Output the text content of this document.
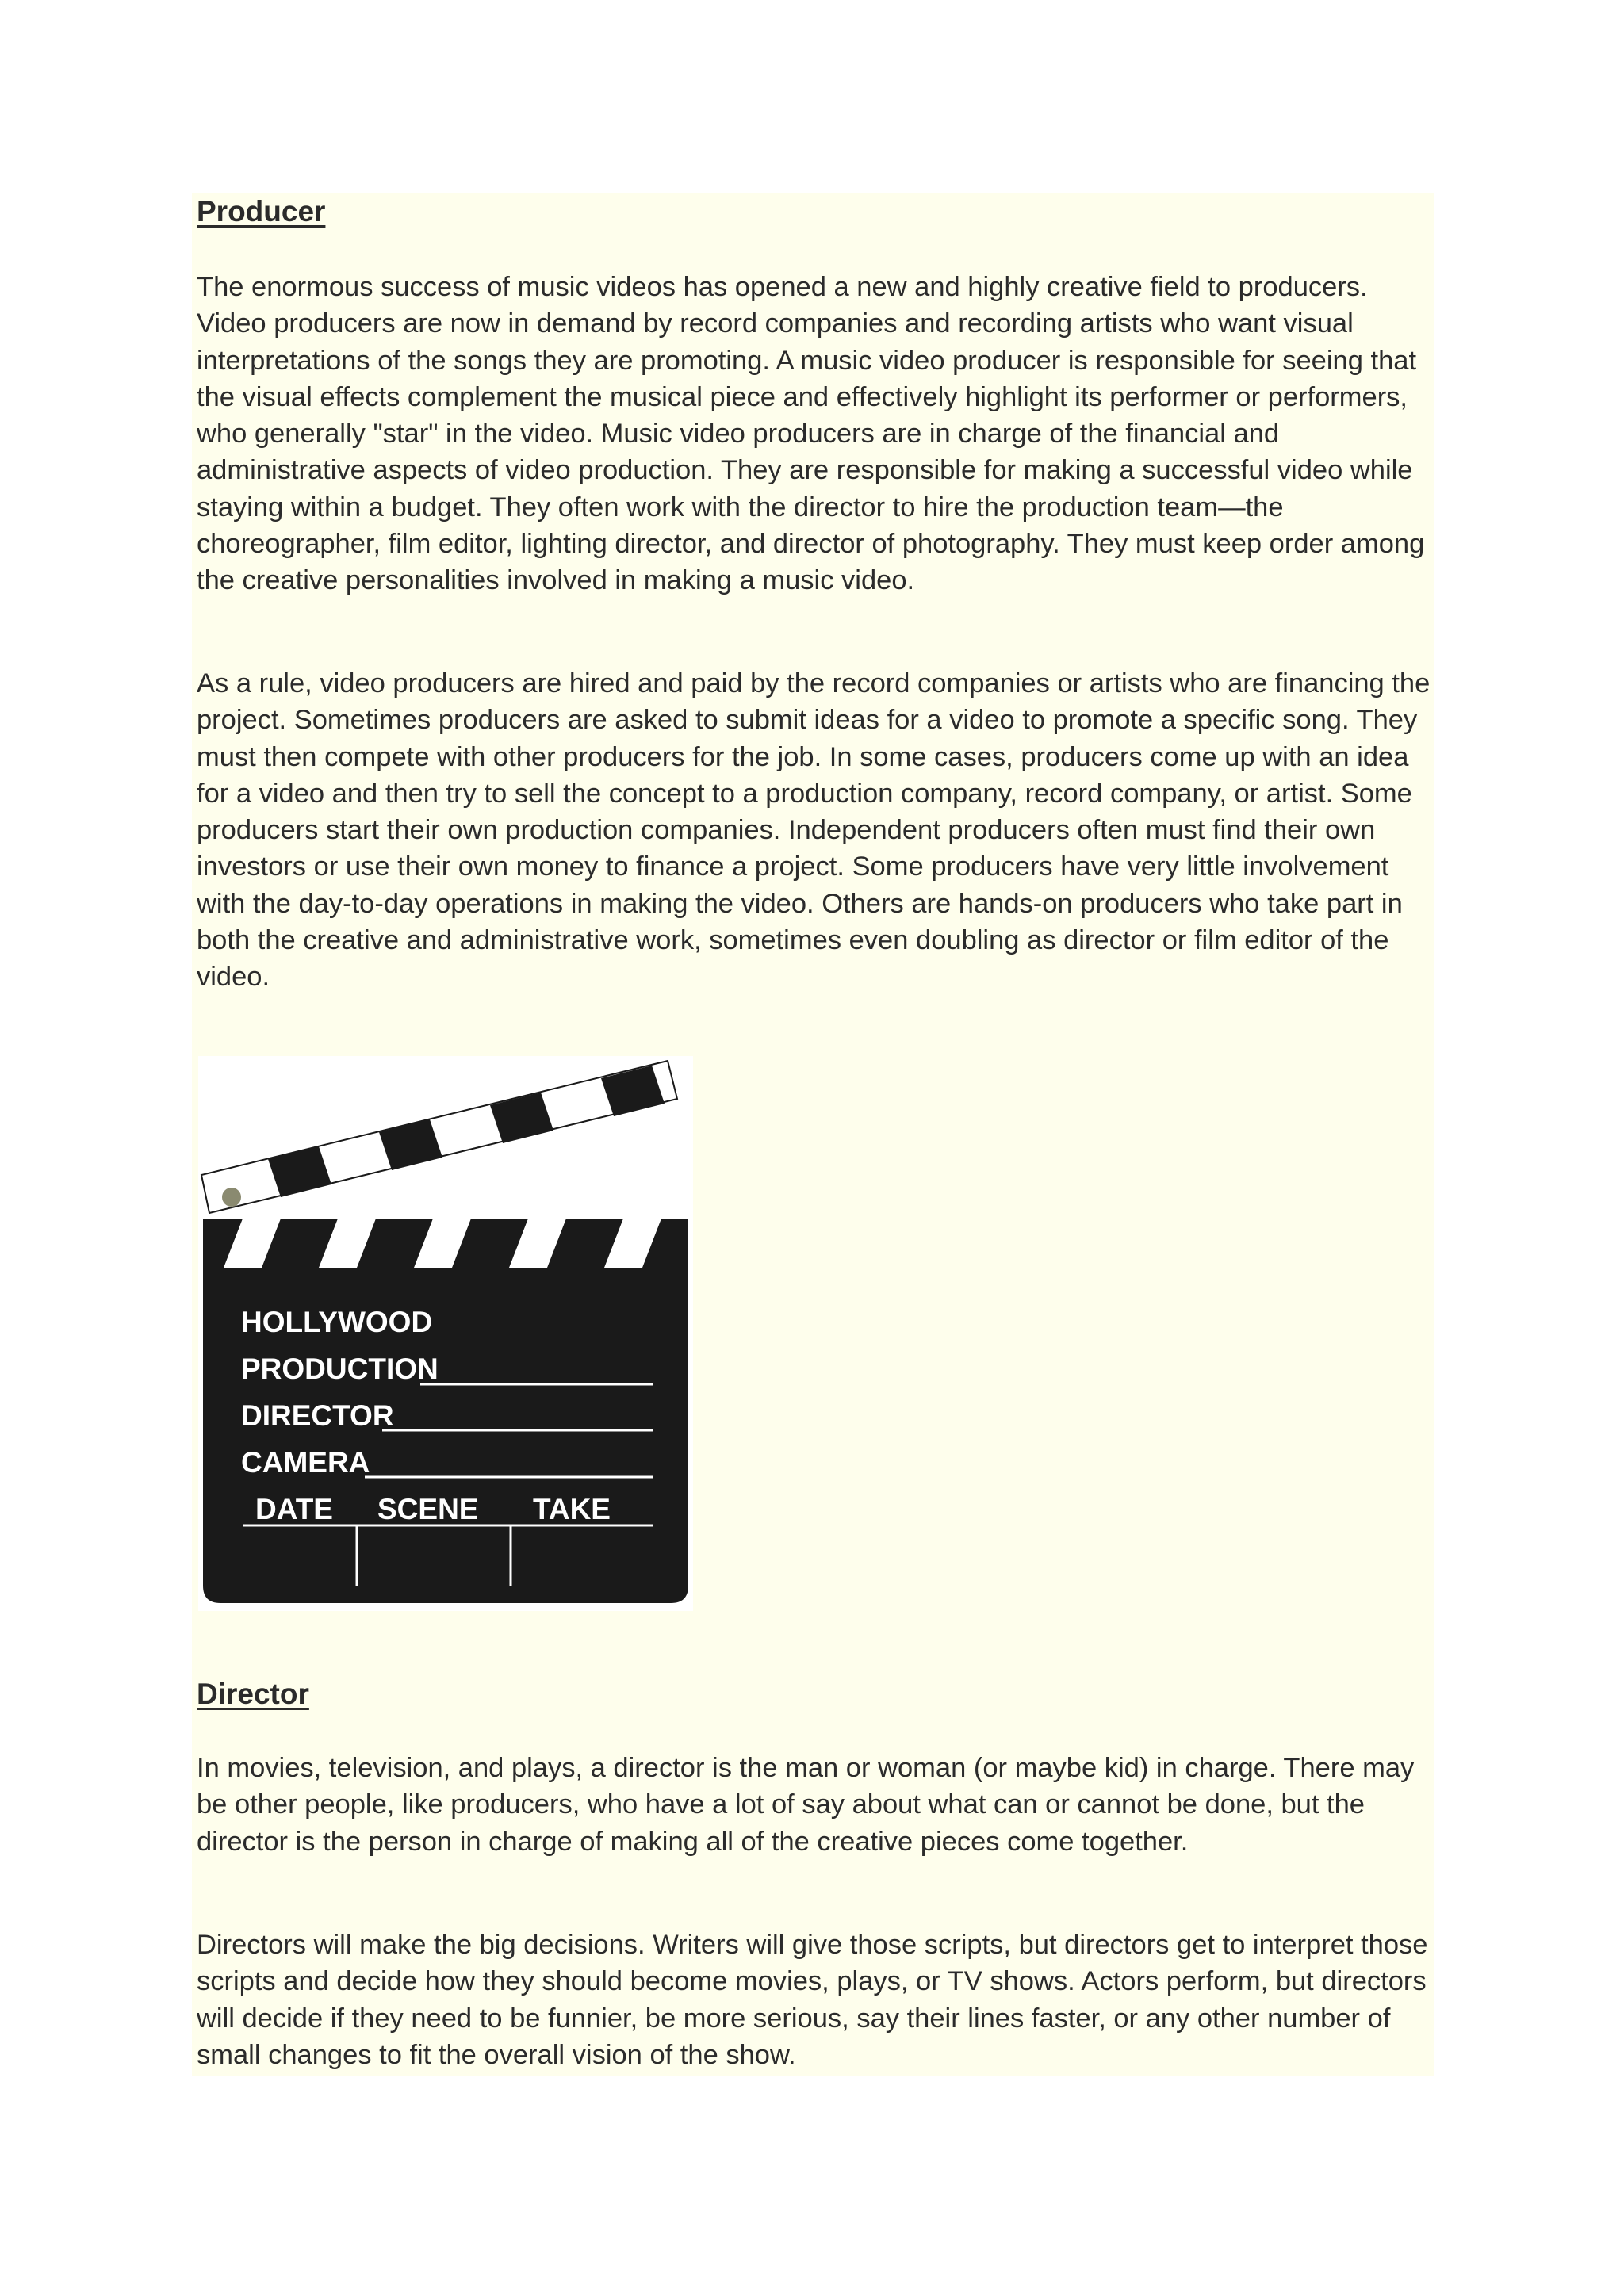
Producer

The enormous success of music videos has opened a new and highly creative field to producers. Video producers are now in demand by record companies and recording artists who want visual interpretations of the songs they are promoting. A music video producer is responsible for seeing that the visual effects complement the musical piece and effectively highlight its performer or performers, who generally "star" in the video. Music video producers are in charge of the financial and administrative aspects of video production. They are responsible for making a successful video while staying within a budget. They often work with the director to hire the production team—the choreographer, film editor, lighting director, and director of photography. They must keep order among the creative personalities involved in making a music video.

As a rule, video producers are hired and paid by the record companies or artists who are financing the project. Sometimes producers are asked to submit ideas for a video to promote a specific song. They must then compete with other producers for the job. In some cases, producers come up with an idea for a video and then try to sell the concept to a production company, record company, or artist. Some producers start their own production companies. Independent producers often must find their own investors or use their own money to finance a project. Some producers have very little involvement with the day-to-day operations in making the video. Others are hands-on producers who take part in both the creative and administrative work, sometimes even doubling as director or film editor of the video.

HOLLYWOOD
PRODUCTION
DIRECTOR
CAMERA
DATE SCENE TAKE
Director

In movies, television, and plays, a director is the man or woman (or maybe kid) in charge. There may be other people, like producers, who have a lot of say about what can or cannot be done, but the director is the person in charge of making all of the creative pieces come together.

Directors will make the big decisions. Writers will give those scripts, but directors get to interpret those scripts and decide how they should become movies, plays, or TV shows. Actors perform, but directors will decide if they need to be funnier, be more serious, say their lines faster, or any other number of small changes to fit the overall vision of the show.
